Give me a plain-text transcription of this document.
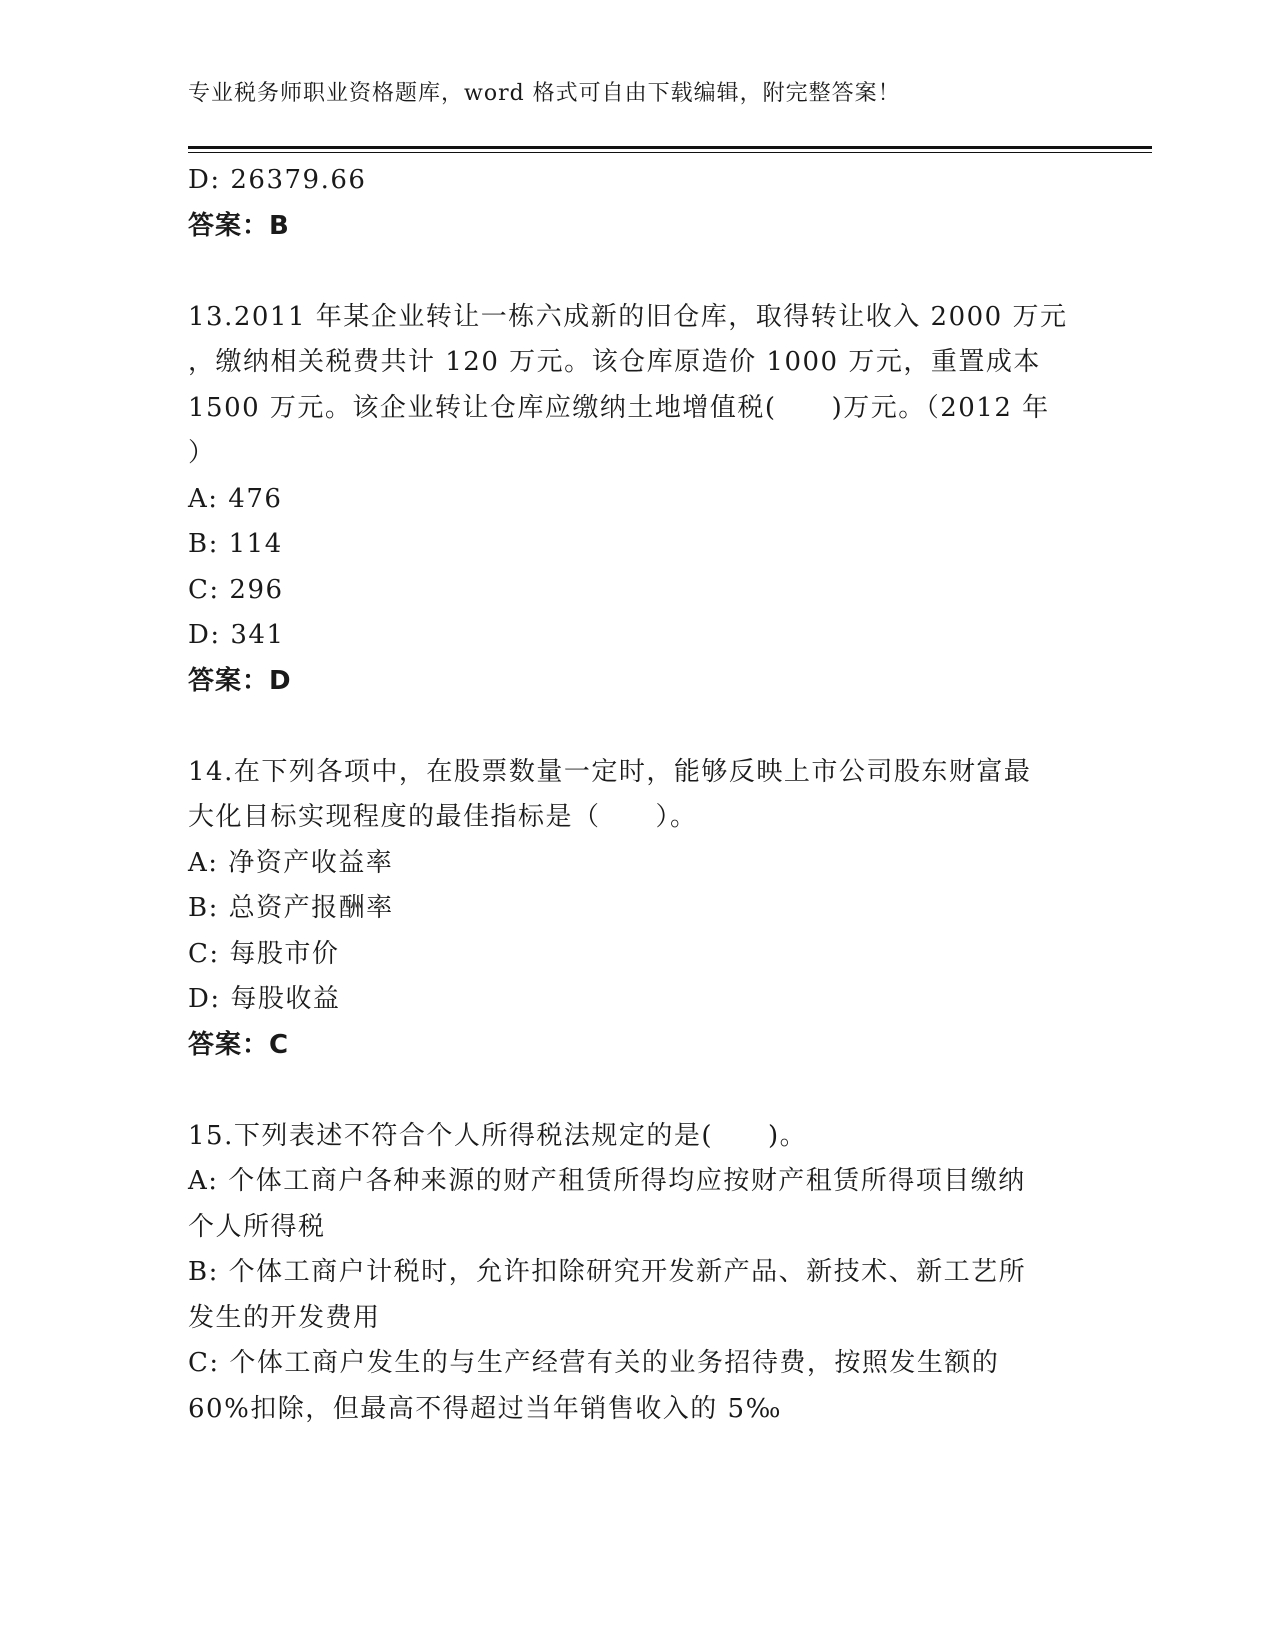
专业税务师职业资格题库，word 格式可自由下载编辑，附完整答案！
D: 26379.66
答案：B
13.2011 年某企业转让一栋六成新的旧仓库，取得转让收入 2000 万元
，缴纳相关税费共计 120 万元。该仓库原造价 1000 万元，重置成本
1500 万元。该企业转让仓库应缴纳土地增值税(　　)万元。（2012 年
）
A: 476
B: 114
C: 296
D: 341
答案：D
14.在下列各项中，在股票数量一定时，能够反映上市公司股东财富最
大化目标实现程度的最佳指标是（　　）。
A: 净资产收益率
B: 总资产报酬率
C: 每股市价
D: 每股收益
答案：C
15.下列表述不符合个人所得税法规定的是(　　)。
A: 个体工商户各种来源的财产租赁所得均应按财产租赁所得项目缴纳
个人所得税
B: 个体工商户计税时，允许扣除研究开发新产品、新技术、新工艺所
发生的开发费用
C: 个体工商户发生的与生产经营有关的业务招待费，按照发生额的
60%扣除，但最高不得超过当年销售收入的 5‰
